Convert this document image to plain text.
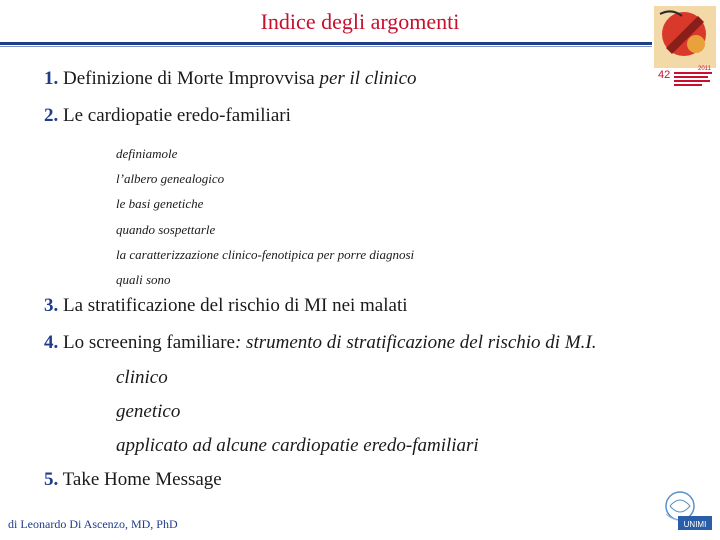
Indice degli argomenti
42	2011
1. Definizione di Morte Improvvisa per il clinico
2. Le cardiopatie eredo-familiari
definiamole
l’albero genealogico
le basi genetiche
quando sospettarle
la caratterizzazione clinico-fenotipica per porre diagnosi
quali sono
3. La stratificazione del rischio di MI nei malati
4. Lo screening familiare: strumento di stratificazione del rischio di M.I.
clinico
genetico
applicato ad alcune cardiopatie eredo-familiari
5. Take Home Message
di Leonardo Di Ascenzo, MD, PhD	UNIMI
